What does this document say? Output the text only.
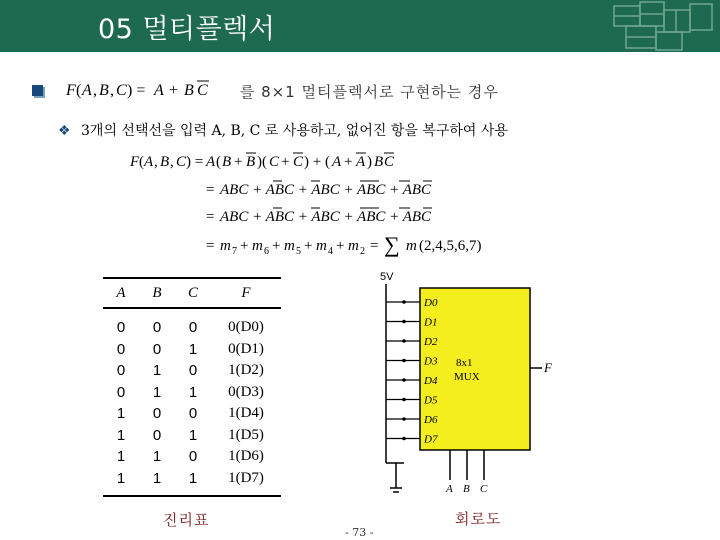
05 멀티플렉서

F ( A , B , C ) = A + B C 를 8×1 멀티플렉서로 구현하는 경우
❖ 3개의 선택선을 입력 A, B, C 로 사용하고, 없어진 항을 복구하여 사용
F ( A , B , C ) = A ( B + B )( C + C ) + ( A + A ) B C
= ABC + ABC + ABC + ABC + ABC
= ABC + ABC + ABC + ABC + ABC
= m 7 + m 6 + m 5 + m 4 + m 2 = ∑ m (2,4,5,6,7)
A	B	C	F
0	0	0	0(D0)
0	0	1	0(D1)
0	1	0	1(D2)
0	1	1	0(D3)
1	0	0	1(D4)
1	0	1	1(D5)
1	1	0	1(D6)
1	1	1	1(D7)
진리표
5V
D0
D1
D2
D3
D4
D5
D6
D7
8x1
MUX
F
A B C
회로도
- 73 -
